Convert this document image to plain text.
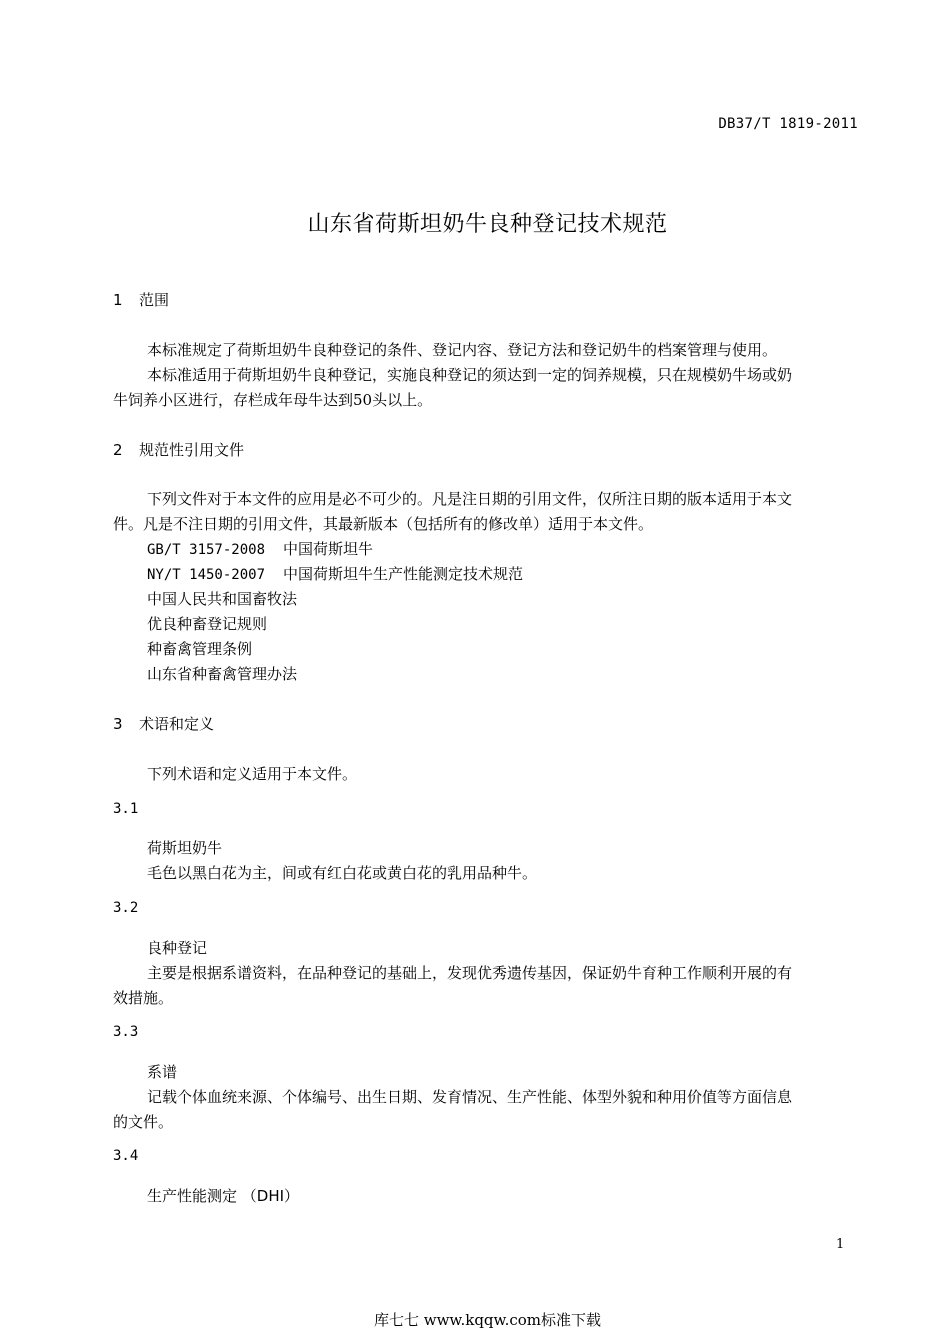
DB37/T 1819-2011
山东省荷斯坦奶牛良种登记技术规范
1 范围
本标准规定了荷斯坦奶牛良种登记的条件、登记内容、登记方法和登记奶牛的档案管理与使用。
本标准适用于荷斯坦奶牛良种登记，实施良种登记的须达到一定的饲养规模，只在规模奶牛场或奶
牛饲养小区进行，存栏成年母牛达到50头以上。
2 规范性引用文件
下列文件对于本文件的应用是必不可少的。凡是注日期的引用文件，仅所注日期的版本适用于本文
件。凡是不注日期的引用文件，其最新版本（包括所有的修改单）适用于本文件。
GB/T 3157-2008 中国荷斯坦牛
NY/T 1450-2007 中国荷斯坦牛生产性能测定技术规范
中国人民共和国畜牧法
优良种畜登记规则
种畜禽管理条例
山东省种畜禽管理办法
3 术语和定义
下列术语和定义适用于本文件。
3.1
荷斯坦奶牛
毛色以黑白花为主，间或有红白花或黄白花的乳用品种牛。
3.2
良种登记
主要是根据系谱资料，在品种登记的基础上，发现优秀遗传基因，保证奶牛育种工作顺利开展的有
效措施。
3.3
系谱
记载个体血统来源、个体编号、出生日期、发育情况、生产性能、体型外貌和种用价值等方面信息
的文件。
3.4
生产性能测定 （DHI）
1
库七七 www.kqqw.com标准下载
